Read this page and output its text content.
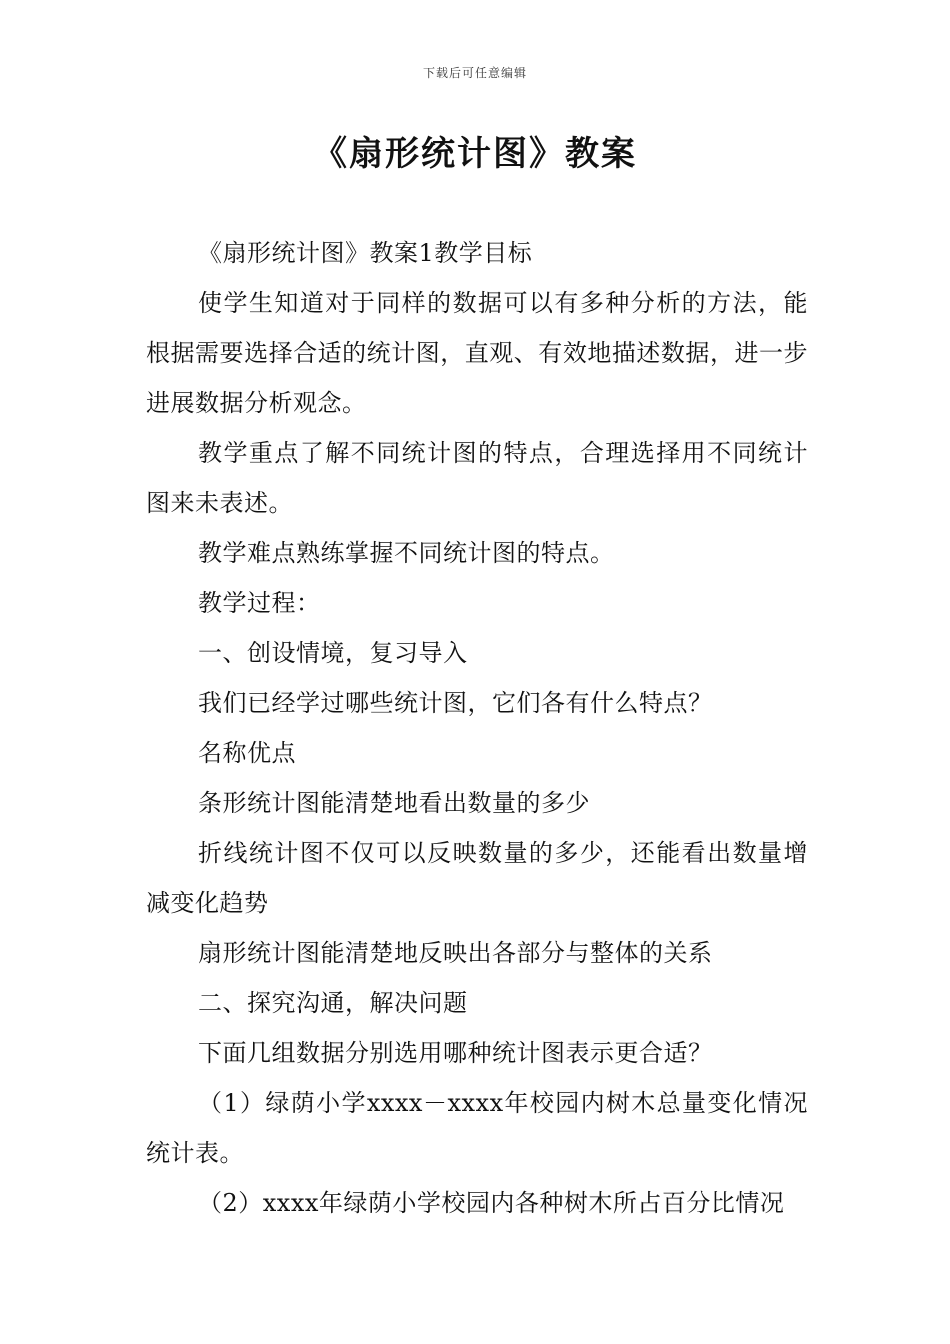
下载后可任意编辑
《扇形统计图》教案

《扇形统计图》教案1教学目标

使学生知道对于同样的数据可以有多种分析的方法，能根据需要选择合适的统计图，直观、有效地描述数据，进一步进展数据分析观念。

教学重点了解不同统计图的特点，合理选择用不同统计图来未表述。

教学难点熟练掌握不同统计图的特点。

教学过程：

一、创设情境，复习导入

我们已经学过哪些统计图，它们各有什么特点？

名称优点

条形统计图能清楚地看出数量的多少

折线统计图不仅可以反映数量的多少，还能看出数量增减变化趋势

扇形统计图能清楚地反映出各部分与整体的关系

二、探究沟通，解决问题

下面几组数据分别选用哪种统计图表示更合适？

（1）绿荫小学xxxx－xxxx年校园内树木总量变化情况统计表。

（2）xxxx年绿荫小学校园内各种树木所占百分比情况
